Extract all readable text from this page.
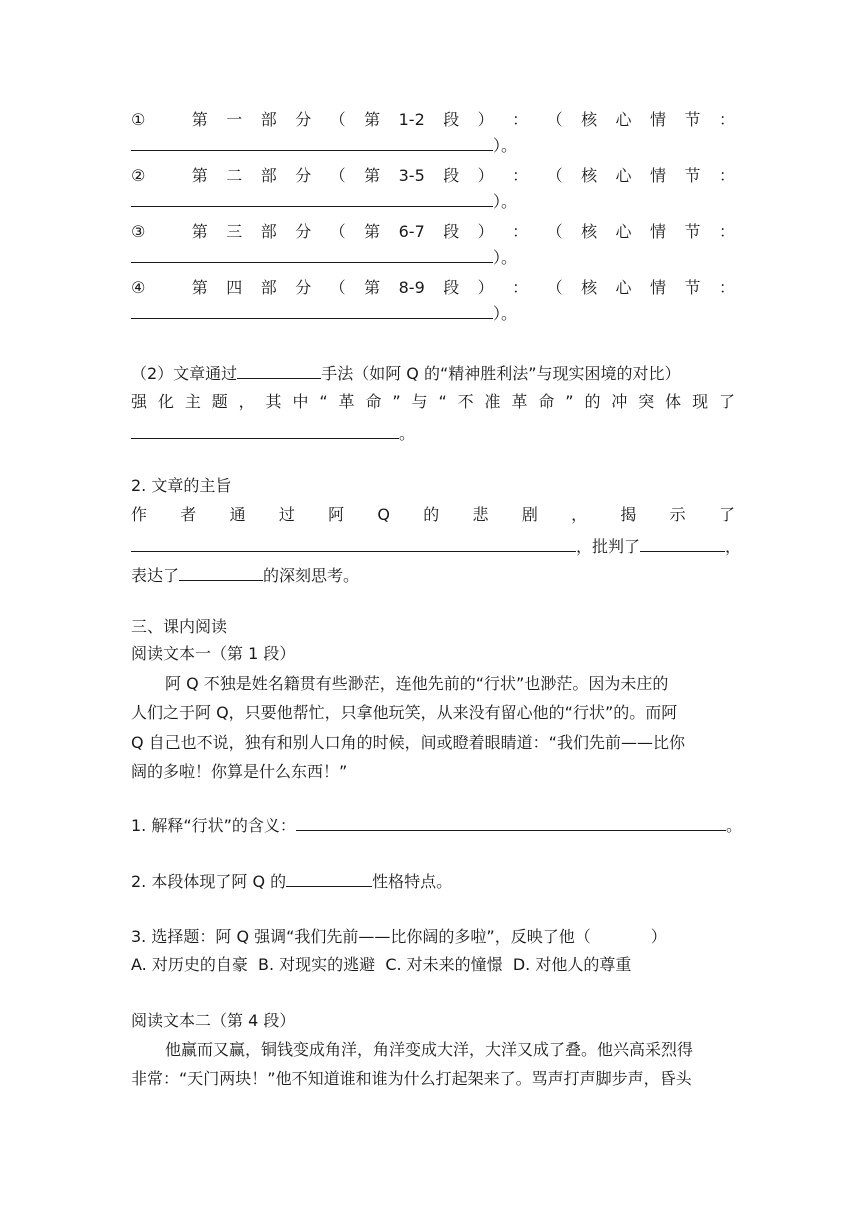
①	第 一 部 分 （ 第 1-2 段 ） ： （ 核 心 情 节 ：
）。
②	第 二 部 分 （ 第 3-5 段 ） ： （ 核 心 情 节 ：
）。
③	第 三 部 分 （ 第 6-7 段 ） ： （ 核 心 情 节 ：
）。
④	第 四 部 分 （ 第 8-9 段 ） ： （ 核 心 情 节 ：
）。
（2）文章通过	手法（如阿 Q 的“精神胜利法”与现实困境的对比）
强 化 主 题 ， 其 中 “ 革 命 ” 与 “ 不 准 革 命 ” 的 冲 突 体 现 了
。
2. 文章的主旨
作 者 通 过 阿 Q 的 悲 剧 ， 揭 示 了
，批判了	，
表达了	的深刻思考。
三、课内阅读
阅读文本一（第 1 段）
阿 Q 不独是姓名籍贯有些渺茫，连他先前的“行状”也渺茫。因为未庄的
人们之于阿 Q，只要他帮忙，只拿他玩笑，从来没有留心他的“行状”的。而阿
Q 自己也不说，独有和别人口角的时候，间或瞪着眼睛道：“我们先前——比你
阔的多啦！你算是什么东西！”
1. 解释“行状”的含义：	。
2. 本段体现了阿 Q 的	性格特点。
3. 选择题：阿 Q 强调“我们先前——比你阔的多啦”，反映了他（	）
A. 对历史的自豪  B. 对现实的逃避  C. 对未来的憧憬  D. 对他人的尊重
阅读文本二（第 4 段）
他赢而又赢，铜钱变成角洋，角洋变成大洋，大洋又成了叠。他兴高采烈得
非常：“天门两块！”他不知道谁和谁为什么打起架来了。骂声打声脚步声，昏头
